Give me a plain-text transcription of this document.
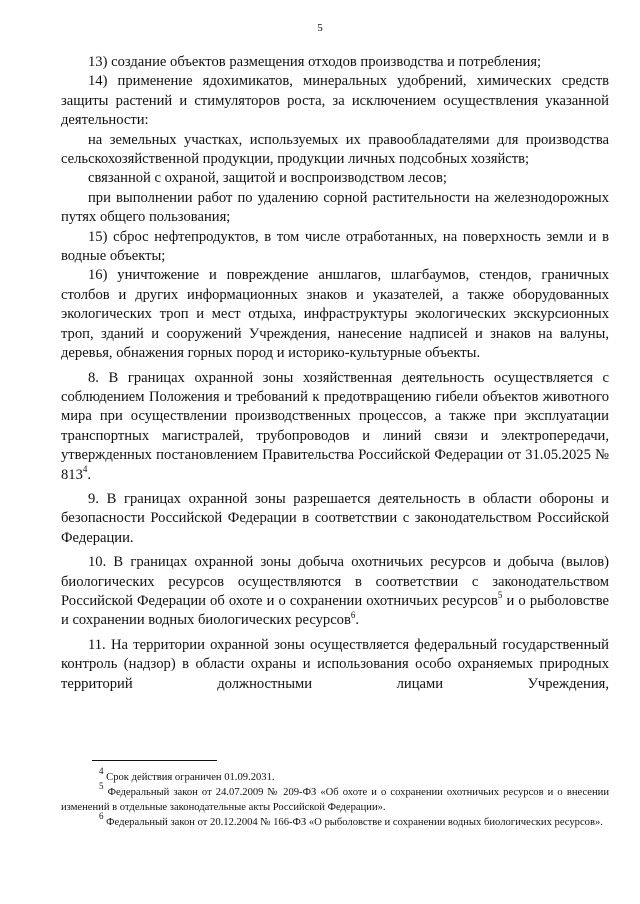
5

13) создание объектов размещения отходов производства и потребления;

14) применение ядохимикатов, минеральных удобрений, химических средств защиты растений и стимуляторов роста, за исключением осуществления указанной деятельности:

на земельных участках, используемых их правообладателями для производства сельскохозяйственной продукции, продукции личных подсобных хозяйств;

связанной с охраной, защитой и воспроизводством лесов;

при выполнении работ по удалению сорной растительности на железнодорожных путях общего пользования;

15) сброс нефтепродуктов, в том числе отработанных, на поверхность земли и в водные объекты;

16) уничтожение и повреждение аншлагов, шлагбаумов, стендов, граничных столбов и других информационных знаков и указателей, а также оборудованных экологических троп и мест отдыха, инфраструктуры экологических экскурсионных троп, зданий и сооружений Учреждения, нанесение надписей и знаков на валуны, деревья, обнажения горных пород и историко-культурные объекты.

8. В границах охранной зоны хозяйственная деятельность осуществляется с соблюдением Положения и требований к предотвращению гибели объектов животного мира при осуществлении производственных процессов, а также при эксплуатации транспортных магистралей, трубопроводов и линий связи и электропередачи, утвержденных постановлением Правительства Российской Федерации от 31.05.2025 № $813^4$.

9. В границах охранной зоны разрешается деятельность в области обороны и безопасности Российской Федерации в соответствии с законодательством Российской Федерации.

10. В границах охранной зоны добыча охотничьих ресурсов и добыча (вылов) биологических ресурсов осуществляются в соответствии с законодательством Российской Федерации об охоте и о сохранении охотничьих ресурсов$^5$ и о рыболовстве и сохранении водных биологических ресурсов$^6$.

11. На территории охранной зоны осуществляется федеральный государственный контроль (надзор) в области охраны и использования особо охраняемых природных территорий должностными лицами Учреждения,

$^4$ Срок действия ограничен 01.09.2031.

$^5$ Федеральный закон от 24.07.2009 № 209-ФЗ «Об охоте и о сохранении охотничьих ресурсов и о внесении изменений в отдельные законодательные акты Российской Федерации».

$^6$ Федеральный закон от 20.12.2004 № 166-ФЗ «О рыболовстве и сохранении водных биологических ресурсов».
